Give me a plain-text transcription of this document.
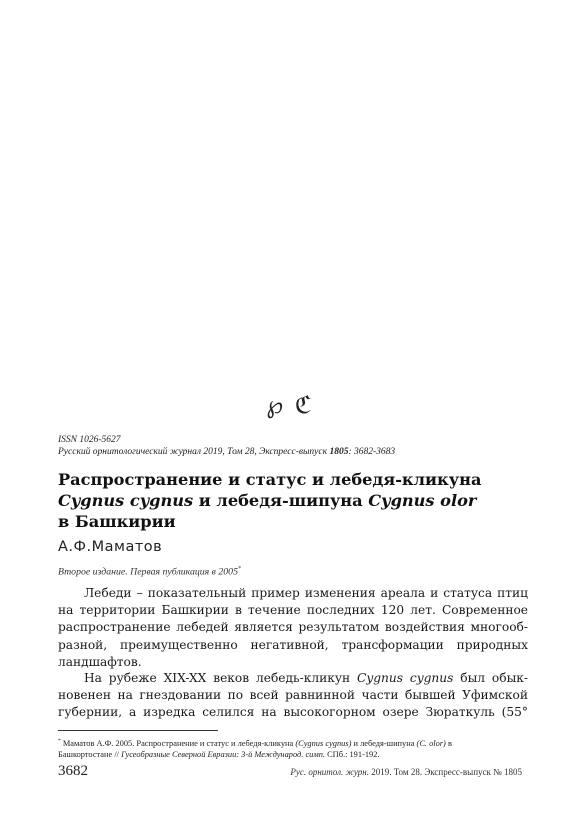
℘ ℭ
ISSN 1026-5627
Русский орнитологический журнал 2019, Том 28, Экспресс-выпуск 1805: 3682-3683
Распространение и статус и лебедя-кликуна
Cygnus cygnus и лебедя-шипуна Cygnus olor
в Башкирии
А.Ф.Маматов
Второе издание. Первая публикация в 2005*
Лебеди – показательный пример изменения ареала и статуса птиц
на территории Башкирии в течение последних 120 лет. Современное
распространение лебедей является результатом воздействия многооб-
разной, преимущественно негативной, трансформации природных
ландшафтов.
На рубеже XIX-XX веков лебедь-кликун Cygnus cygnus был обык-
новенен на гнездовании по всей равнинной части бывшей Уфимской
губернии, а изредка селился на высокогорном озере Зюраткуль (55°
* Маматов А.Ф. 2005. Распространение и статус и лебедя-кликуна (Cygnus cygnus) и лебедя-шипуна (C. olor) в
Башкортостане // Гусеобразные Северной Евразии: 3-й Международ. симп. СПб.: 191-192.
3682	Рус. орнитол. журн. 2019. Том 28. Экспресс-выпуск № 1805
